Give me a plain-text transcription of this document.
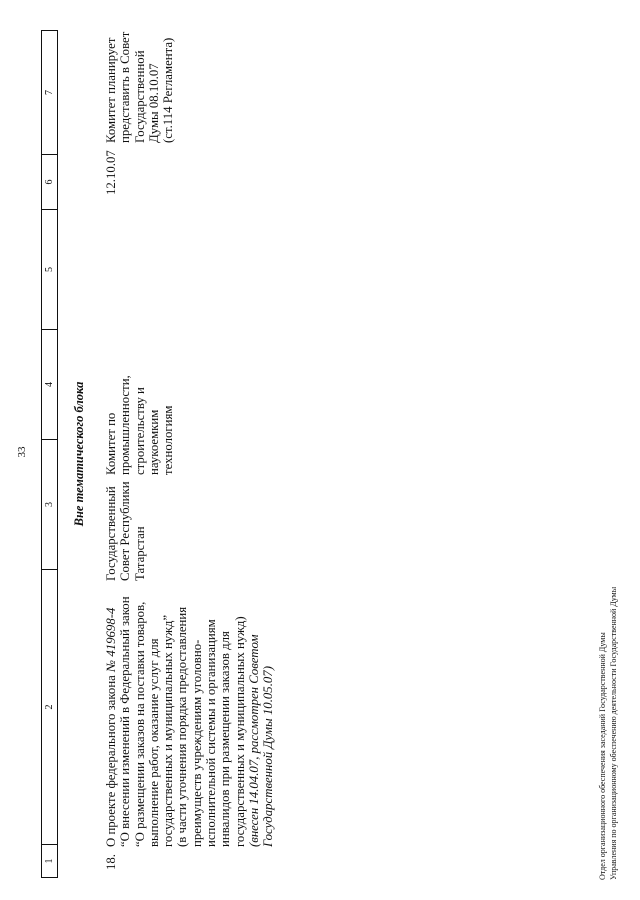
33
1
2
3
4
5
6
7
Вне тематического блока
18.
О проекте федерального закона № 419698-4 “О внесении изменений в Федеральный закон “О размещении заказов на поставки товаров, выполнение работ, оказание услуг для государственных и муниципальных нужд” (в части уточнения порядка предоставления преимуществ учреждениям уголовно- исполнительной системы и организациям инвалидов при размещении заказов для государственных и муниципальных нужд) (внесен 14.04.07, рассмотрен Советом Государственной Думы 10.05.07)
Государственный Совет Республики Татарстан
Комитет по промышленности, строительству и наукоемким технологиям
12.10.07
Комитет планирует представить в Совет Государственной Думы 08.10.07 (ст.114 Регламента)
Отдел организационного обеспечения заседаний Государственной Думы Управления по организационному обеспечению деятельности Государственной Думы
